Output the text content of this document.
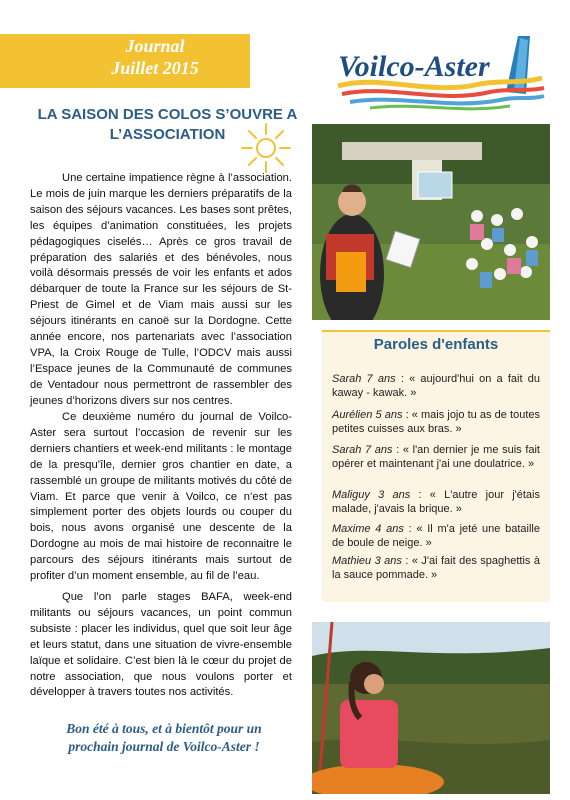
Journal
Juillet 2015	Voilco-Aster
LA SAISON DES COLOS S’OUVRE A
L’ASSOCIATION

Une certaine impatience règne à l’association. Le mois de juin marque les derniers préparatifs de la saison des séjours vacances. Les bases sont prêtes, les équipes d’animation constituées, les projets pédagogiques ciselés… Après ce gros travail de préparation des salariés et des bénévoles, nous voilà désormais pressés de voir les enfants et ados débarquer de toute la France sur les séjours de St-Priest de Gimel et de Viam mais aussi sur les séjours itinérants en canoë sur la Dordogne. Cette année encore, nos partenariats avec l’association VPA, la Croix Rouge de Tulle, l’ODCV mais aussi l’Espace jeunes de la Communauté de communes de Ventadour nous permettront de rassembler des jeunes d’horizons divers sur nos centres.

Ce deuxième numéro du journal de Voilco-Aster sera surtout l’occasion de revenir sur les derniers chantiers et week-end militants : le montage de la presqu’île, dernier gros chantier en date, a rassemblé un groupe de militants motivés du côté de Viam. Et parce que venir à Voilco, ce n’est pas simplement porter des objets lourds ou couper du bois, nous avons organisé une descente de la Dordogne au mois de mai histoire de reconnaitre le parcours des séjours itinérants mais surtout de profiter d’un moment ensemble, au fil de l’eau.

Que l’on parle stages BAFA, week-end militants ou séjours vacances, un point commun subsiste : placer les individus, quel que soit leur âge et leurs statut, dans une situation de vivre-ensemble laïque et solidaire. C’est bien là le cœur du projet de notre association, que nous voulons porter et développer à travers toutes nos activités.

Bon été à tous, et à bientôt pour un
prochain journal de Voilco-Aster !
Paroles d'enfants

Sarah 7 ans : « aujourd'hui on a fait du kaway - kawak. »

Aurélien 5 ans : « mais jojo tu as de toutes petites cuisses aux bras. »

Sarah 7 ans : « l'an dernier je me suis fait opérer et maintenant j'ai une doulatrice. »

Maliguy 3 ans : « L'autre jour j'étais malade, j'avais la brique. »

Maxime 4 ans : « Il m'a jeté une bataille de boule de neige. »

Mathieu 3 ans : « J'ai fait des spaghettis à la sauce pommade. »
